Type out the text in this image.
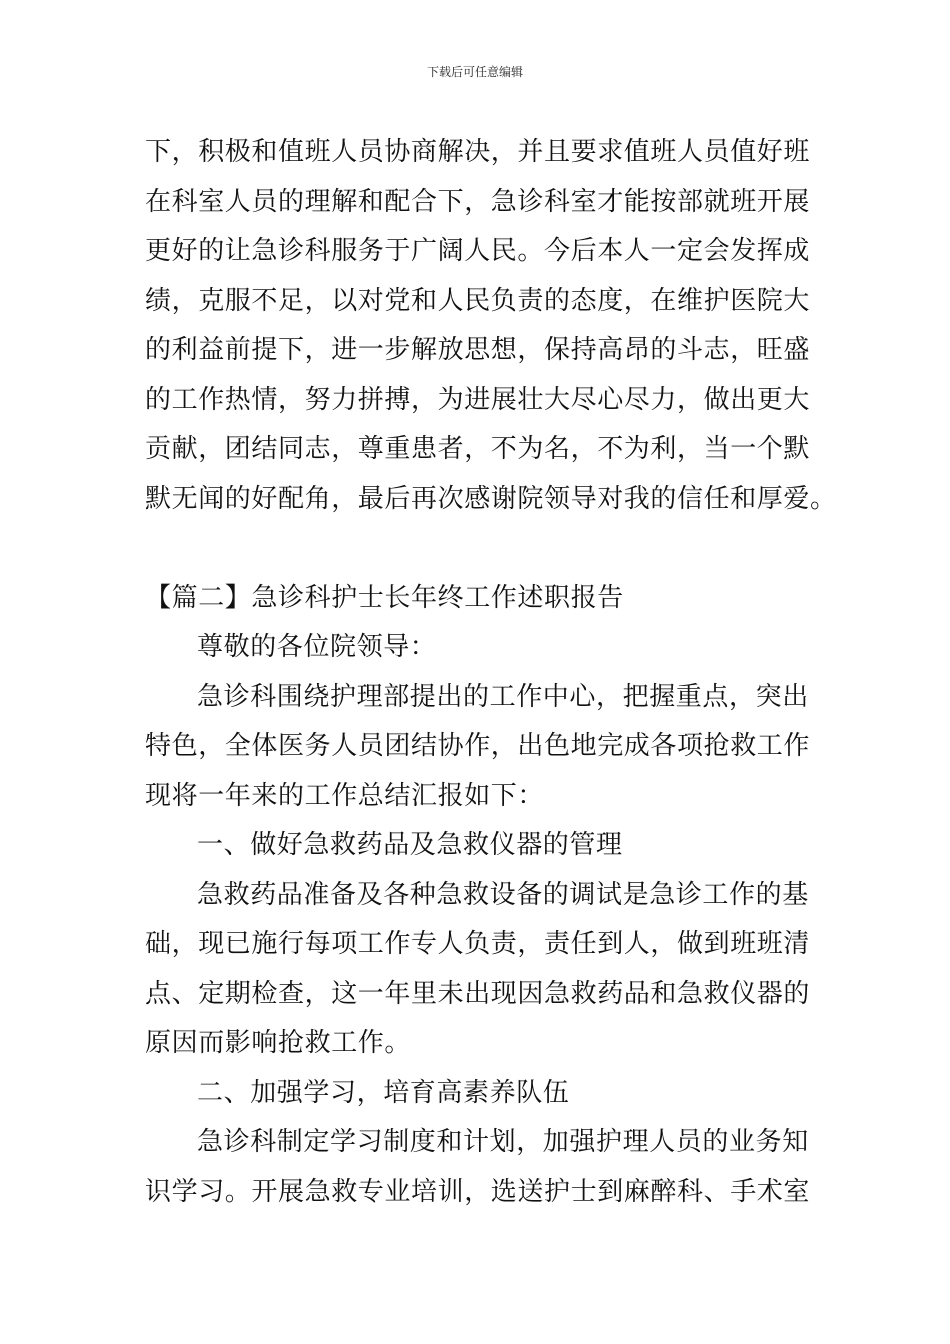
下载后可任意编辑
下，积极和值班人员协商解决，并且要求值班人员值好班
在科室人员的理解和配合下，急诊科室才能按部就班开展
更好的让急诊科服务于广阔人民。今后本人一定会发挥成
绩，克服不足，以对党和人民负责的态度，在维护医院大
的利益前提下，进一步解放思想，保持高昂的斗志，旺盛
的工作热情，努力拼搏，为进展壮大尽心尽力，做出更大
贡献，团结同志，尊重患者，不为名，不为利，当一个默
默无闻的好配角，最后再次感谢院领导对我的信任和厚爱。
【篇二】急诊科护士长年终工作述职报告
尊敬的各位院领导：
急诊科围绕护理部提出的工作中心，把握重点，突出
特色，全体医务人员团结协作，出色地完成各项抢救工作
现将一年来的工作总结汇报如下：
一、做好急救药品及急救仪器的管理
急救药品准备及各种急救设备的调试是急诊工作的基
础，现已施行每项工作专人负责，责任到人，做到班班清
点、定期检查，这一年里未出现因急救药品和急救仪器的
原因而影响抢救工作。
二、加强学习，培育高素养队伍
急诊科制定学习制度和计划，加强护理人员的业务知
识学习。开展急救专业培训，选送护士到麻醉科、手术室
